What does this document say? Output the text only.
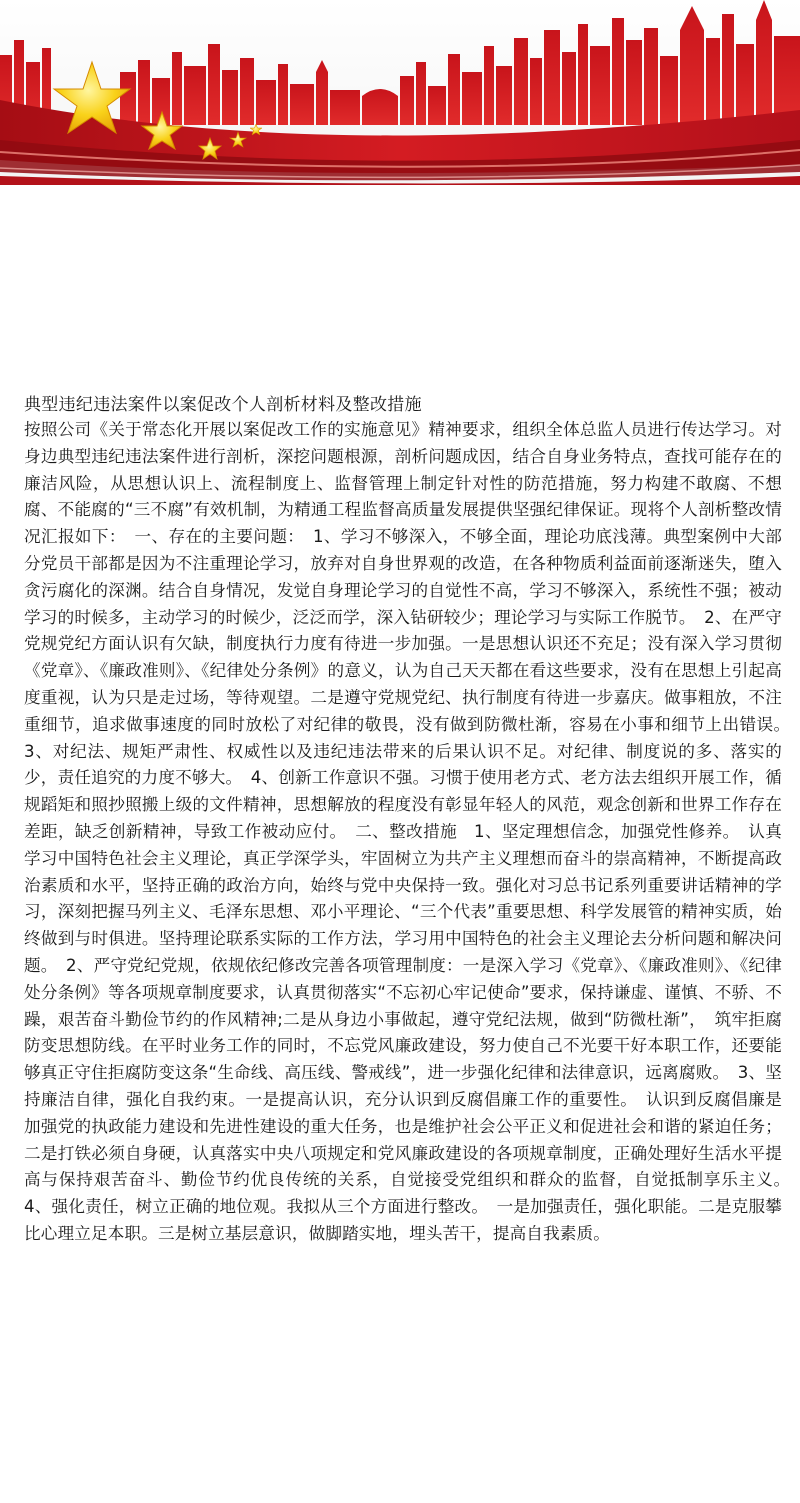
典型违纪违法案件以案促改个人剖析材料及整改措施

按照公司《关于常态化开展以案促改工作的实施意见》精神要求，组织全体总监人员进行传达学习。对身边典型违纪违法案件进行剖析，深挖问题根源，剖析问题成因，结合自身业务特点，查找可能存在的廉洁风险，从思想认识上、流程制度上、监督管理上制定针对性的防范措施，努力构建不敢腐、不想腐、不能腐的“三不腐”有效机制，为精通工程监督高质量发展提供坚强纪律保证。现将个人剖析整改情况汇报如下：　一、存在的主要问题：　1、学习不够深入，不够全面，理论功底浅薄。典型案例中大部分党员干部都是因为不注重理论学习，放弃对自身世界观的改造，在各种物质利益面前逐渐迷失，堕入贪污腐化的深渊。结合自身情况，发觉自身理论学习的自觉性不高，学习不够深入，系统性不强；被动学习的时候多，主动学习的时候少，泛泛而学，深入钻研较少；理论学习与实际工作脱节。　2、在严守党规党纪方面认识有欠缺，制度执行力度有待进一步加强。一是思想认识还不充足；没有深入学习贯彻《党章》、《廉政准则》、《纪律处分条例》的意义，认为自己天天都在看这些要求，没有在思想上引起高度重视，认为只是走过场，等待观望。二是遵守党规党纪、执行制度有待进一步嘉庆。做事粗放，不注重细节，追求做事速度的同时放松了对纪律的敬畏，没有做到防微杜渐，容易在小事和细节上出错误。　3、对纪法、规矩严肃性、权威性以及违纪违法带来的后果认识不足。对纪律、制度说的多、落实的少，责任追究的力度不够大。　4、创新工作意识不强。习惯于使用老方式、老方法去组织开展工作，循规蹈矩和照抄照搬上级的文件精神，思想解放的程度没有彰显年轻人的风范，观念创新和世界工作存在差距，缺乏创新精神，导致工作被动应付。　二、整改措施　1、坚定理想信念，加强党性修养。　认真学习中国特色社会主义理论，真正学深学头，牢固树立为共产主义理想而奋斗的崇高精神，不断提高政治素质和水平，坚持正确的政治方向，始终与党中央保持一致。强化对习总书记系列重要讲话精神的学习，深刻把握马列主义、毛泽东思想、邓小平理论、“三个代表”重要思想、科学发展管的精神实质，始终做到与时俱进。坚持理论联系实际的工作方法，学习用中国特色的社会主义理论去分析问题和解决问题。　2、严守党纪党规，依规依纪修改完善各项管理制度：一是深入学习《党章》、《廉政准则》、《纪律处分条例》等各项规章制度要求，认真贯彻落实“不忘初心牢记使命”要求，保持谦虚、谨慎、不骄、不躁，艰苦奋斗勤俭节约的作风精神;二是从身边小事做起，遵守党纪法规，做到“防微杜渐”，　筑牢拒腐防变思想防线。在平时业务工作的同时，不忘党风廉政建设，努力使自己不光要干好本职工作，还要能够真正守住拒腐防变这条“生命线、高压线、警戒线”，进一步强化纪律和法律意识，远离腐败。　3、坚持廉洁自律，强化自我约束。一是提高认识，充分认识到反腐倡廉工作的重要性。　认识到反腐倡廉是加强党的执政能力建设和先进性建设的重大任务，也是维护社会公平正义和促进社会和谐的紧迫任务；二是打铁必须自身硬，认真落实中央八项规定和党风廉政建设的各项规章制度，正确处理好生活水平提高与保持艰苦奋斗、勤俭节约优良传统的关系，自觉接受党组织和群众的监督，自觉抵制享乐主义。　4、强化责任，树立正确的地位观。我拟从三个方面进行整改。　一是加强责任，强化职能。二是克服攀比心理立足本职。三是树立基层意识，做脚踏实地，埋头苦干，提高自我素质。
